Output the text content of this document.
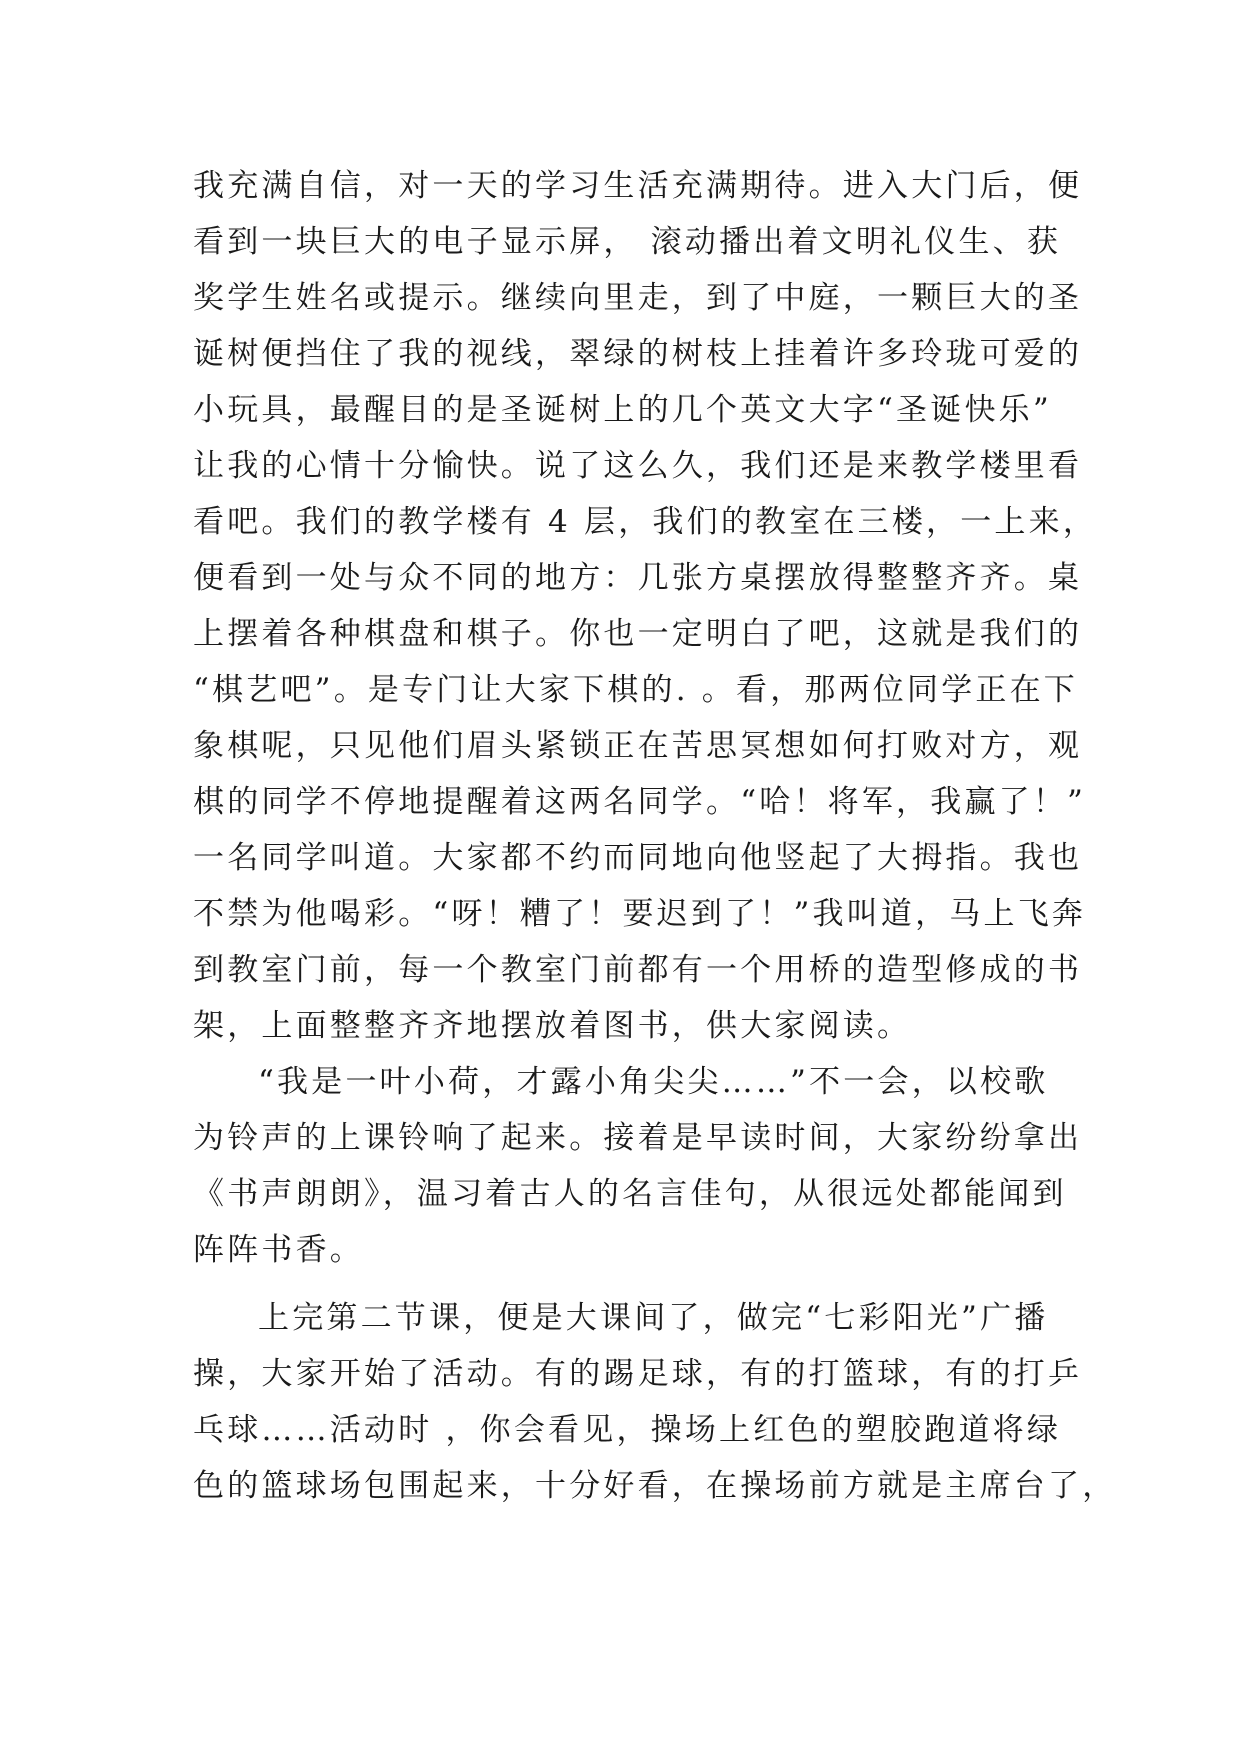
我充满自信，对一天的学习生活充满期待。进入大门后，便
看到一块巨大的电子显示屏， 滚动播出着文明礼仪生、获
奖学生姓名或提示。继续向里走，到了中庭，一颗巨大的圣
诞树便挡住了我的视线，翠绿的树枝上挂着许多玲珑可爱的
小玩具，最醒目的是圣诞树上的几个英文大字“圣诞快乐”
让我的心情十分愉快。说了这么久，我们还是来教学楼里看
看吧。我们的教学楼有 4 层，我们的教室在三楼，一上来，
便看到一处与众不同的地方：几张方桌摆放得整整齐齐。桌
上摆着各种棋盘和棋子。你也一定明白了吧，这就是我们的
“棋艺吧”。是专门让大家下棋的. 。看，那两位同学正在下
象棋呢，只见他们眉头紧锁正在苦思冥想如何打败对方，观
棋的同学不停地提醒着这两名同学。“哈！将军，我赢了！”
一名同学叫道。大家都不约而同地向他竖起了大拇指。我也
不禁为他喝彩。“呀！糟了！要迟到了！”我叫道，马上飞奔
到教室门前，每一个教室门前都有一个用桥的造型修成的书
架，上面整整齐齐地摆放着图书，供大家阅读。
“我是一叶小荷，才露小角尖尖……”不一会，以校歌
为铃声的上课铃响了起来。接着是早读时间，大家纷纷拿出
《书声朗朗》，温习着古人的名言佳句，从很远处都能闻到
阵阵书香。
上完第二节课，便是大课间了，做完“七彩阳光”广播
操，大家开始了活动。有的踢足球，有的打篮球，有的打乒
乓球……活动时 ，你会看见，操场上红色的塑胶跑道将绿
色的篮球场包围起来，十分好看，在操场前方就是主席台了，
